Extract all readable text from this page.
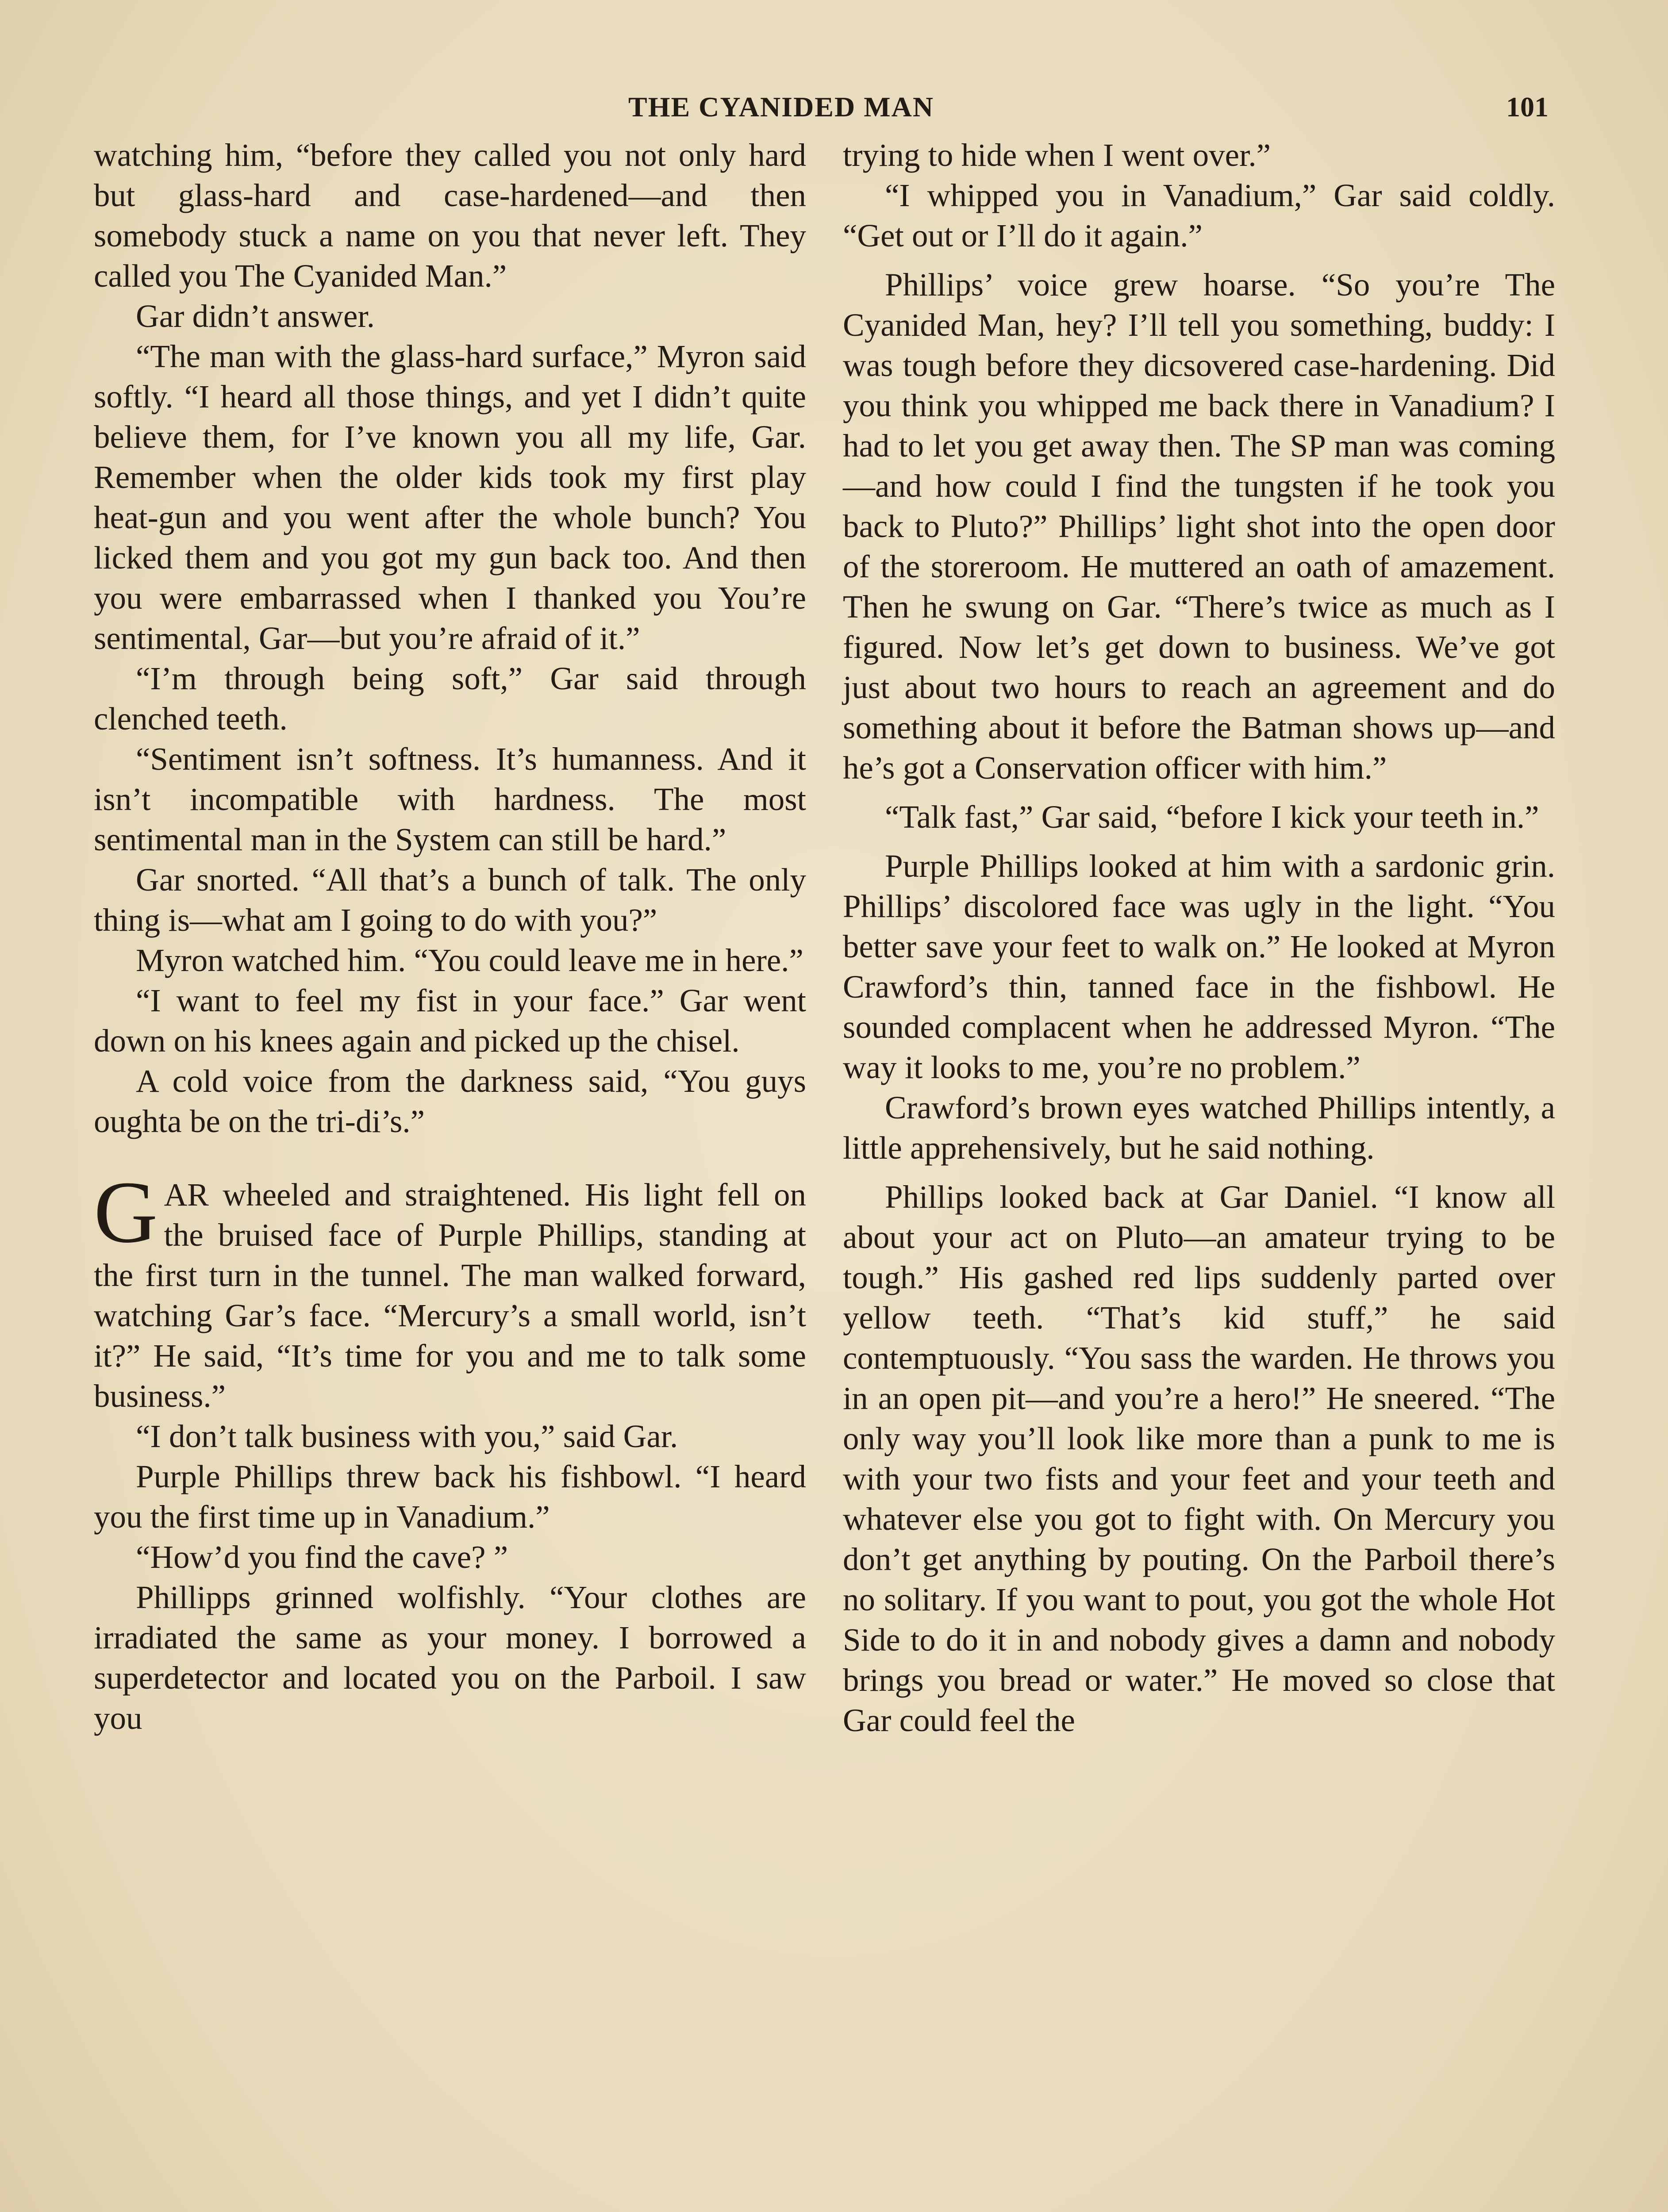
THE CYANIDED MAN	101

watching him, “before they called you not only hard but glass-hard and case-hardened—and then somebody stuck a name on you that never left. They called you The Cyanided Man.”

Gar didn’t answer.

“The man with the glass-hard surface,” Myron said softly. “I heard all those things, and yet I didn’t quite believe them, for I’ve known you all my life, Gar. Remember when the older kids took my first play heat-gun and you went after the whole bunch? You licked them and you got my gun back too. And then you were embarrassed when I thanked you You’re sentimental, Gar—but you’re afraid of it.”

“I’m through being soft,” Gar said through clenched teeth.

“Sentiment isn’t softness. It’s humanness. And it isn’t incompatible with hardness. The most sentimental man in the System can still be hard.”

Gar snorted. “All that’s a bunch of talk. The only thing is—what am I going to do with you?”

Myron watched him. “You could leave me in here.”

“I want to feel my fist in your face.” Gar went down on his knees again and picked up the chisel.

A cold voice from the darkness said, “You guys oughta be on the tri-di’s.”

GAR wheeled and straightened. His light fell on the bruised face of Purple Phillips, standing at the first turn in the tunnel. The man walked forward, watching Gar’s face. “Mercury’s a small world, isn’t it?” He said, “It’s time for you and me to talk some business.”

“I don’t talk business with you,” said Gar.

Purple Phillips threw back his fishbowl. “I heard you the first time up in Vanadium.”

“How’d you find the cave? ”

Phillipps grinned wolfishly. “Your clothes are irradiated the same as your money. I borrowed a superdetector and located you on the Parboil. I saw you

trying to hide when I went over.”

“I whipped you in Vanadium,” Gar said coldly. “Get out or I’ll do it again.”

Phillips’ voice grew hoarse. “So you’re The Cyanided Man, hey? I’ll tell you something, buddy: I was tough before they dicsovered case-hardening. Did you think you whipped me back there in Vanadium? I had to let you get away then. The SP man was coming—and how could I find the tungsten if he took you back to Pluto?” Phillips’ light shot into the open door of the storeroom. He muttered an oath of amazement. Then he swung on Gar. “There’s twice as much as I figured. Now let’s get down to business. We’ve got just about two hours to reach an agreement and do something about it before the Batman shows up—and he’s got a Conservation officer with him.”

“Talk fast,” Gar said, “before I kick your teeth in.”

Purple Phillips looked at him with a sardonic grin. Phillips’ discolored face was ugly in the light. “You better save your feet to walk on.” He looked at Myron Crawford’s thin, tanned face in the fishbowl. He sounded complacent when he addressed Myron. “The way it looks to me, you’re no problem.”

Crawford’s brown eyes watched Phillips intently, a little apprehensively, but he said nothing.

Phillips looked back at Gar Daniel. “I know all about your act on Pluto—an amateur trying to be tough.” His gashed red lips suddenly parted over yellow teeth. “That’s kid stuff,” he said contemptuously. “You sass the warden. He throws you in an open pit—and you’re a hero!” He sneered. “The only way you’ll look like more than a punk to me is with your two fists and your feet and your teeth and whatever else you got to fight with. On Mercury you don’t get anything by pouting. On the Parboil there’s no solitary. If you want to pout, you got the whole Hot Side to do it in and nobody gives a damn and nobody brings you bread or water.” He moved so close that Gar could feel the
